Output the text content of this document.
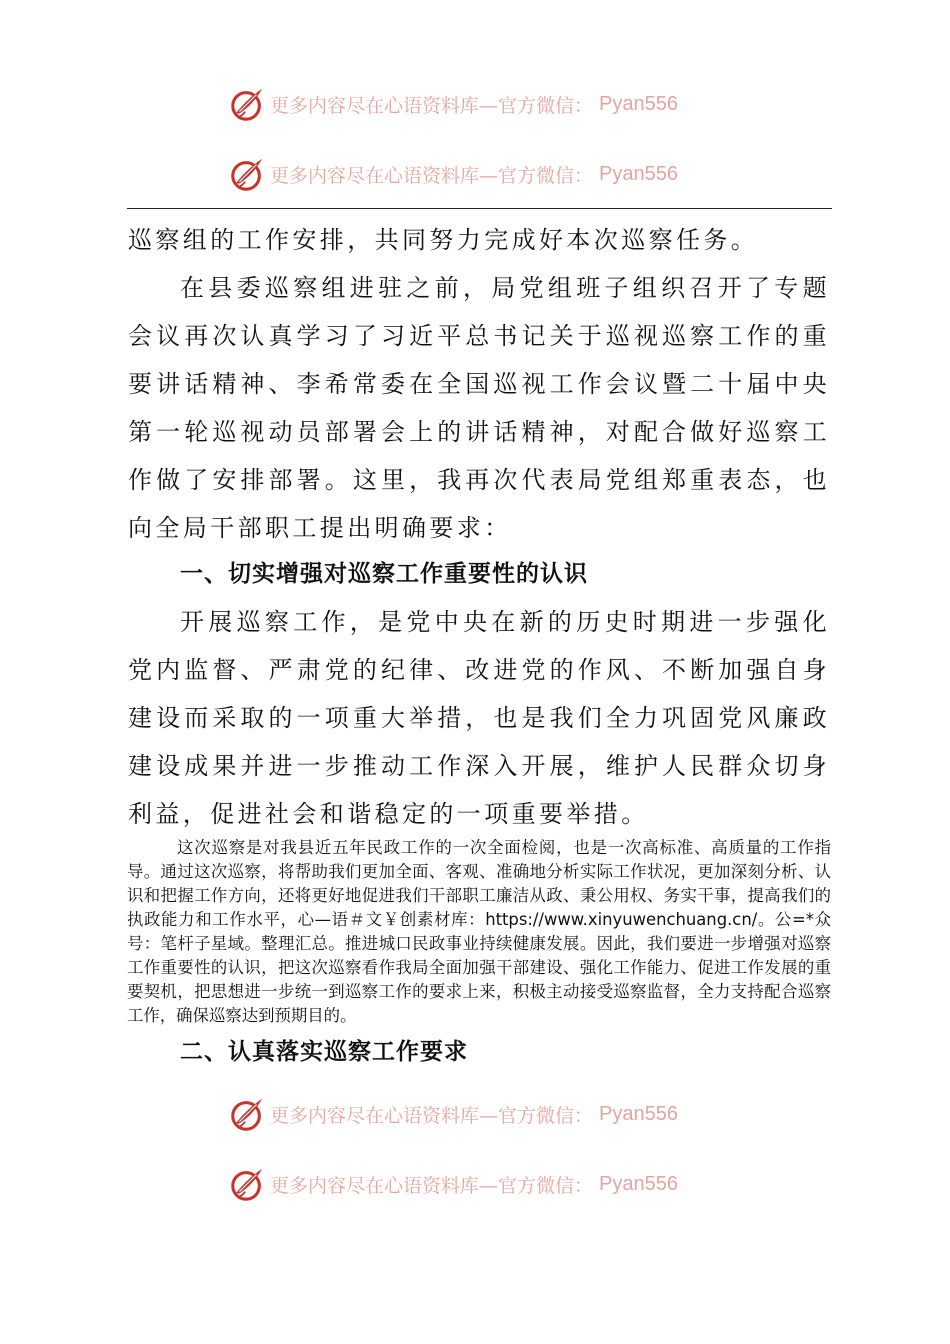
更多内容尽在心语资料库—官方微信： Pyan556
更多内容尽在心语资料库—官方微信： Pyan556

巡察组的工作安排，共同努力完成好本次巡察任务。

在县委巡察组进驻之前，局党组班子组织召开了专题会议再次认真学习了习近平总书记关于巡视巡察工作的重要讲话精神、李希常委在全国巡视工作会议暨二十届中央第一轮巡视动员部署会上的讲话精神，对配合做好巡察工作做了安排部署。这里，我再次代表局党组郑重表态，也向全局干部职工提出明确要求：

一、切实增强对巡察工作重要性的认识

开展巡察工作，是党中央在新的历史时期进一步强化党内监督、严肃党的纪律、改进党的作风、不断加强自身建设而采取的一项重大举措，也是我们全力巩固党风廉政建设成果并进一步推动工作深入开展，维护人民群众切身利益，促进社会和谐稳定的一项重要举措。

这次巡察是对我县近五年民政工作的一次全面检阅，也是一次高标准、高质量的工作指导。通过这次巡察，将帮助我们更加全面、客观、准确地分析实际工作状况，更加深刻分析、认识和把握工作方向，还将更好地促进我们干部职工廉洁从政、秉公用权、务实干事，提高我们的执政能力和工作水平，心—语＃文￥创素材库：https://www.xinyuwenchuang.cn/。公=*众号：笔杆子星域。整理汇总。推进城口民政事业持续健康发展。因此，我们要进一步增强对巡察工作重要性的认识，把这次巡察看作我局全面加强干部建设、强化工作能力、促进工作发展的重要契机，把思想进一步统一到巡察工作的要求上来，积极主动接受巡察监督，全力支持配合巡察工作，确保巡察达到预期目的。

二、认真落实巡察工作要求
更多内容尽在心语资料库—官方微信： Pyan556
更多内容尽在心语资料库—官方微信： Pyan556
